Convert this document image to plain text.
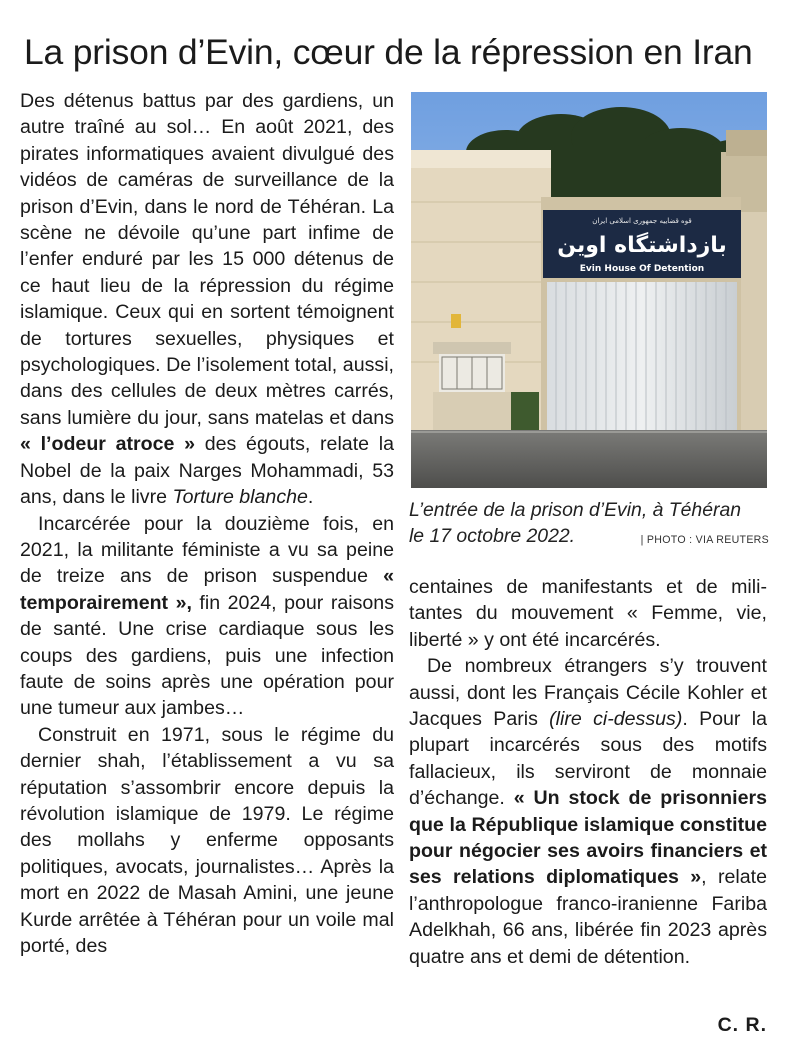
La prison d’Evin, cœur de la répression en Iran

Des détenus battus par des gardiens, un autre traîné au sol… En août 2021, des pirates informatiques avaient divulgué des vidéos de caméras de surveillance de la prison d’Evin, dans le nord de Téhéran. La scène ne dévoile qu’une part infime de l’enfer enduré par les 15 000 détenus de ce haut lieu de la répression du régime islamique. Ceux qui en sortent témoignent de tortures sexuelles, physiques et psychologiques. De l’isolement total, aussi, dans des cellules de deux mètres carrés, sans lumière du jour, sans matelas et dans « l’odeur atroce » des égouts, relate la Nobel de la paix Narges Mohammadi, 53 ans, dans le livre Torture blanche.

Incarcérée pour la douzième fois, en 2021, la militante féministe a vu sa peine de treize ans de prison suspendue « temporairement », fin 2024, pour raisons de santé. Une crise cardiaque sous les coups des gardiens, puis une infection faute de soins après une opération pour une tumeur aux jambes…

Construit en 1971, sous le régime du dernier shah, l’établissement a vu sa réputation s’assombrir encore depuis la révolution islamique de 1979. Le régime des mollahs y enferme opposants politiques, avocats, journalistes… Après la mort en 2022 de Masah Amini, une jeune Kurde arrêtée à Téhéran pour un voile mal porté, des

قوه قضاییه جمهوری اسلامی ایران
بازداشتگاه اوین
Evin House Of Detention
L’entrée de la prison d’Evin, à Téhéran
le 17 octobre 2022.	| PHOTO : VIA REUTERS

centaines de manifestants et de militantes du mouvement « Femme, vie, liberté » y ont été incarcérés.

De nombreux étrangers s’y trouvent aussi, dont les Français Cécile Kohler et Jacques Paris (lire ci-dessus). Pour la plupart incarcérés sous des motifs fallacieux, ils serviront de monnaie d’échange. « Un stock de prisonniers que la République islamique constitue pour négocier ses avoirs financiers et ses relations diplomatiques », relate l’anthropologue franco-iranienne Fariba Adelkhah, 66 ans, libérée fin 2023 après quatre ans et demi de détention.

C. R.
